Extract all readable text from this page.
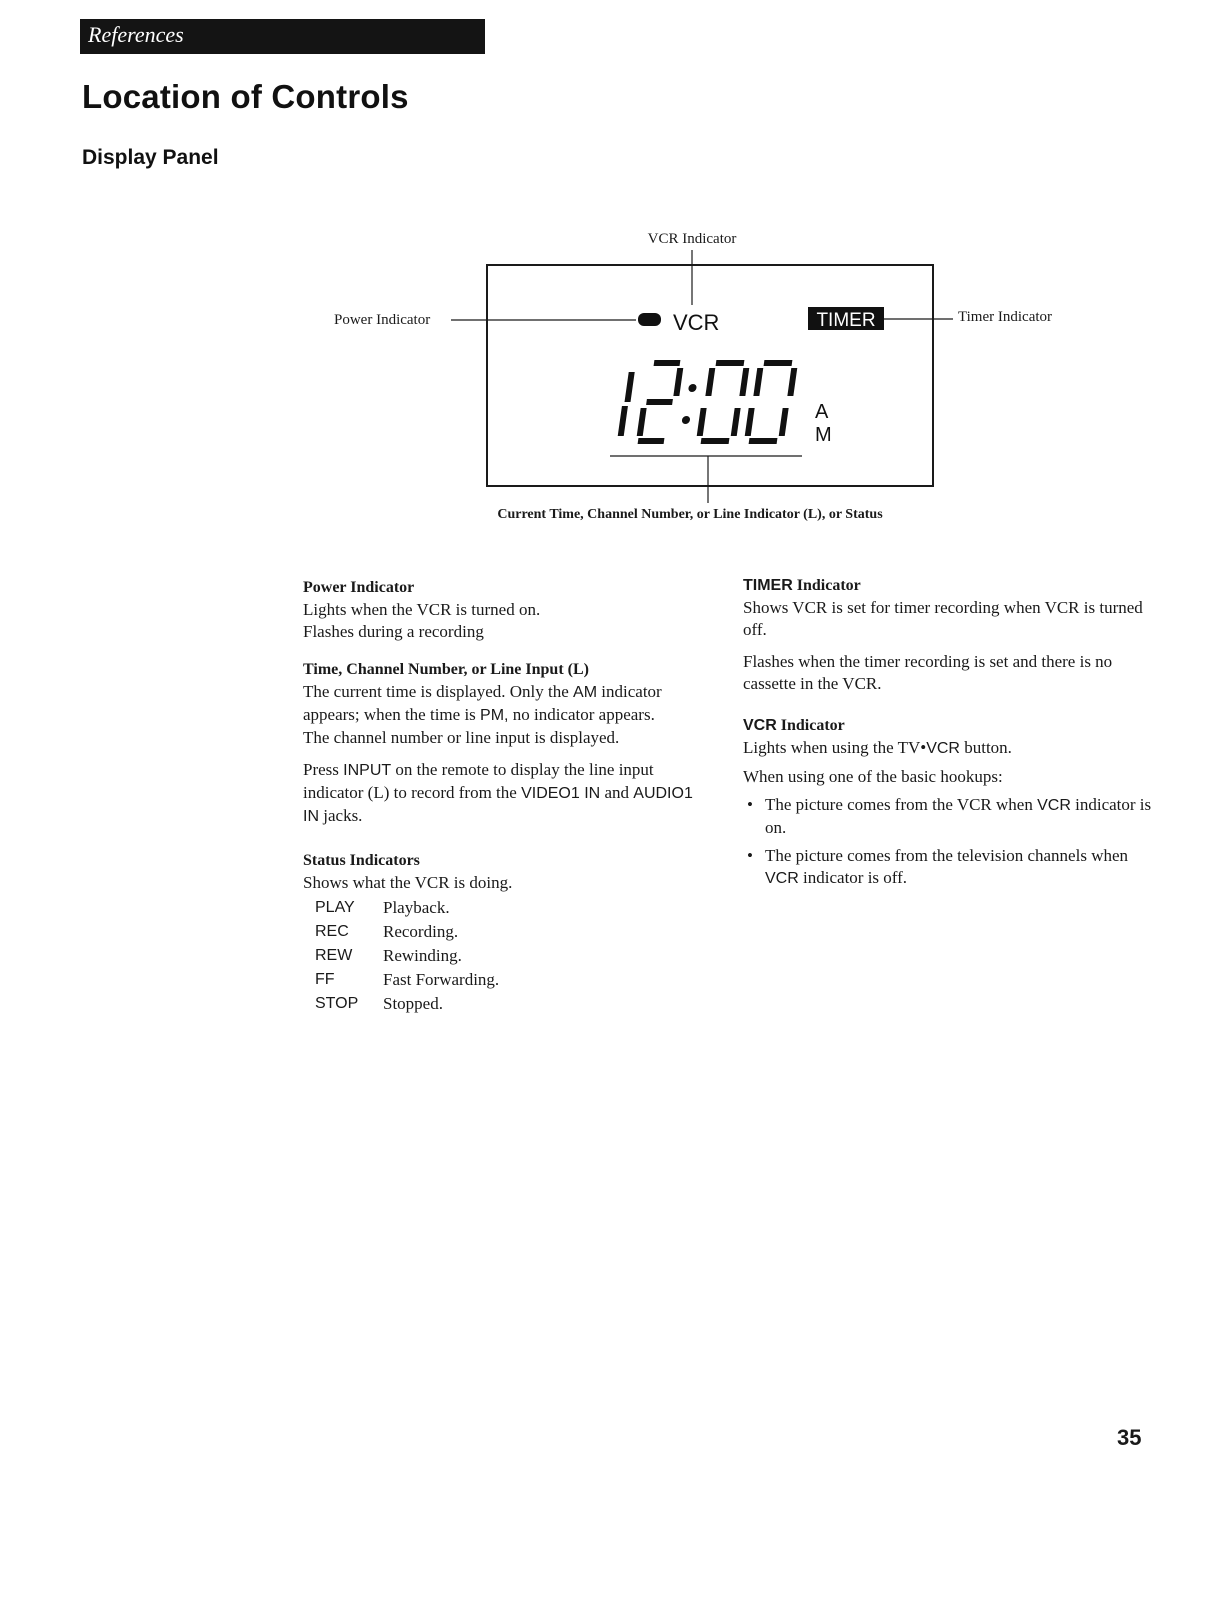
References
Location of Controls
Display Panel
VCR Indicator
Power Indicator	VCR	TIMER	Timer Indicator
A
M
Current Time, Channel Number, or Line Indicator (L), or Status

Power Indicator

Lights when the VCR is turned on.

Flashes during a recording

Time, Channel Number, or Line Input (L)

The current time is displayed. Only the AM indicator appears; when the time is PM, no indicator appears.

The channel number or line input is displayed.

Press INPUT on the remote to display the line input indicator (L) to record from the VIDEO1 IN and AUDIO1 IN jacks.

Status Indicators

Shows what the VCR is doing.

PLAY	Playback.
REC	Recording.
REW	Rewinding.
FF	Fast Forwarding.
STOP	Stopped.

TIMER Indicator

Shows VCR is set for timer recording when VCR is turned off.

Flashes when the timer recording is set and there is no cassette in the VCR.

VCR Indicator

Lights when using the TV•VCR button.

When using one of the basic hookups:

• The picture comes from the VCR when VCR indicator is on.
• The picture comes from the television channels when VCR indicator is off.
35
